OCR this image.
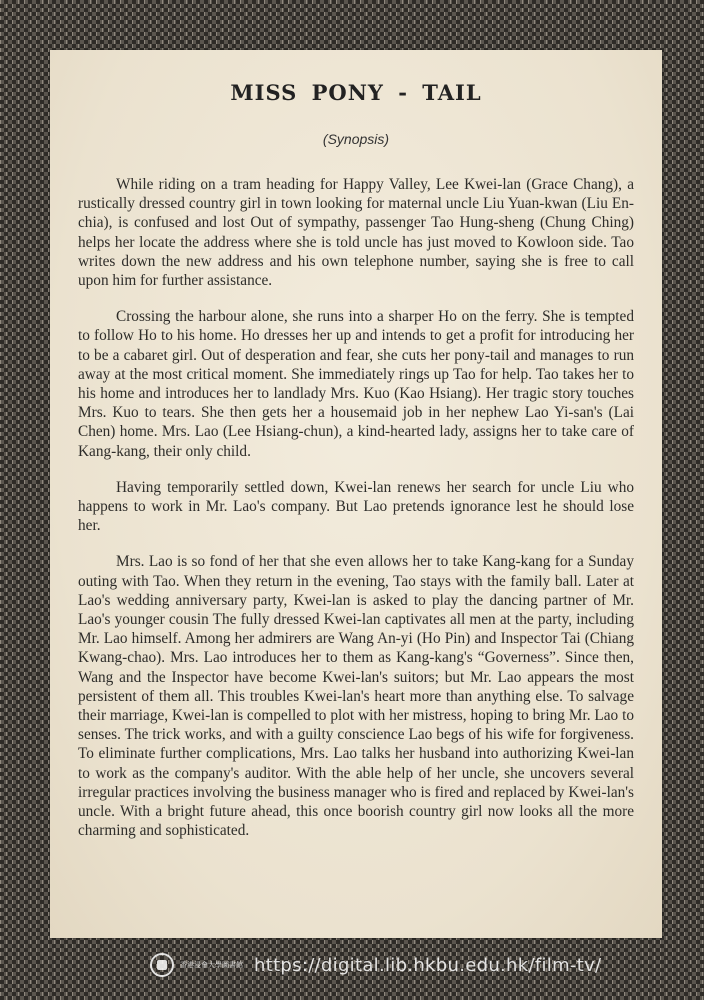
MISS PONY - TAIL
(Synopsis)

While riding on a tram heading for Happy Valley, Lee Kwei-lan (Grace Chang), a rustically dressed country girl in town looking for maternal uncle Liu Yuan-kwan (Liu En-chia), is confused and lost Out of sympathy, passenger Tao Hung-sheng (Chung Ching) helps her locate the address where she is told uncle has just moved to Kowloon side. Tao writes down the new address and his own telephone number, saying she is free to call upon him for further assistance.

Crossing the harbour alone, she runs into a sharper Ho on the ferry. She is tempted to follow Ho to his home. Ho dresses her up and intends to get a profit for introducing her to be a cabaret girl. Out of desperation and fear, she cuts her pony-tail and manages to run away at the most critical moment. She immediately rings up Tao for help. Tao takes her to his home and introduces her to landlady Mrs. Kuo (Kao Hsiang). Her tragic story touches Mrs. Kuo to tears. She then gets her a housemaid job in her nephew Lao Yi-san's (Lai Chen) home. Mrs. Lao (Lee Hsiang-chun), a kind-hearted lady, assigns her to take care of Kang-kang, their only child.

Having temporarily settled down, Kwei-lan renews her search for uncle Liu who happens to work in Mr. Lao's company. But Lao pretends ignorance lest he should lose her.

Mrs. Lao is so fond of her that she even allows her to take Kang-kang for a Sunday outing with Tao. When they return in the evening, Tao stays with the family ball. Later at Lao's wedding anniversary party, Kwei-lan is asked to play the dancing partner of Mr. Lao's younger cousin The fully dressed Kwei-lan captivates all men at the party, including Mr. Lao himself. Among her admirers are Wang An-yi (Ho Pin) and Inspector Tai (Chiang Kwang-chao). Mrs. Lao introduces her to them as Kang-kang's “Governess”. Since then, Wang and the Inspector have become Kwei-lan's suitors; but Mr. Lao appears the most persistent of them all. This troubles Kwei-lan's heart more than anything else. To salvage their marriage, Kwei-lan is compelled to plot with her mistress, hoping to bring Mr. Lao to senses. The trick works, and with a guilty conscience Lao begs of his wife for forgiveness. To eliminate further complications, Mrs. Lao talks her husband into authorizing Kwei-lan to work as the company's auditor. With the able help of her uncle, she uncovers several irregular practices involving the business manager who is fired and replaced by Kwei-lan's uncle. With a bright future ahead, this once boorish country girl now looks all the more charming and sophisticated.

香港浸會大學圖書館 https://digital.lib.hkbu.edu.hk/film-tv/
